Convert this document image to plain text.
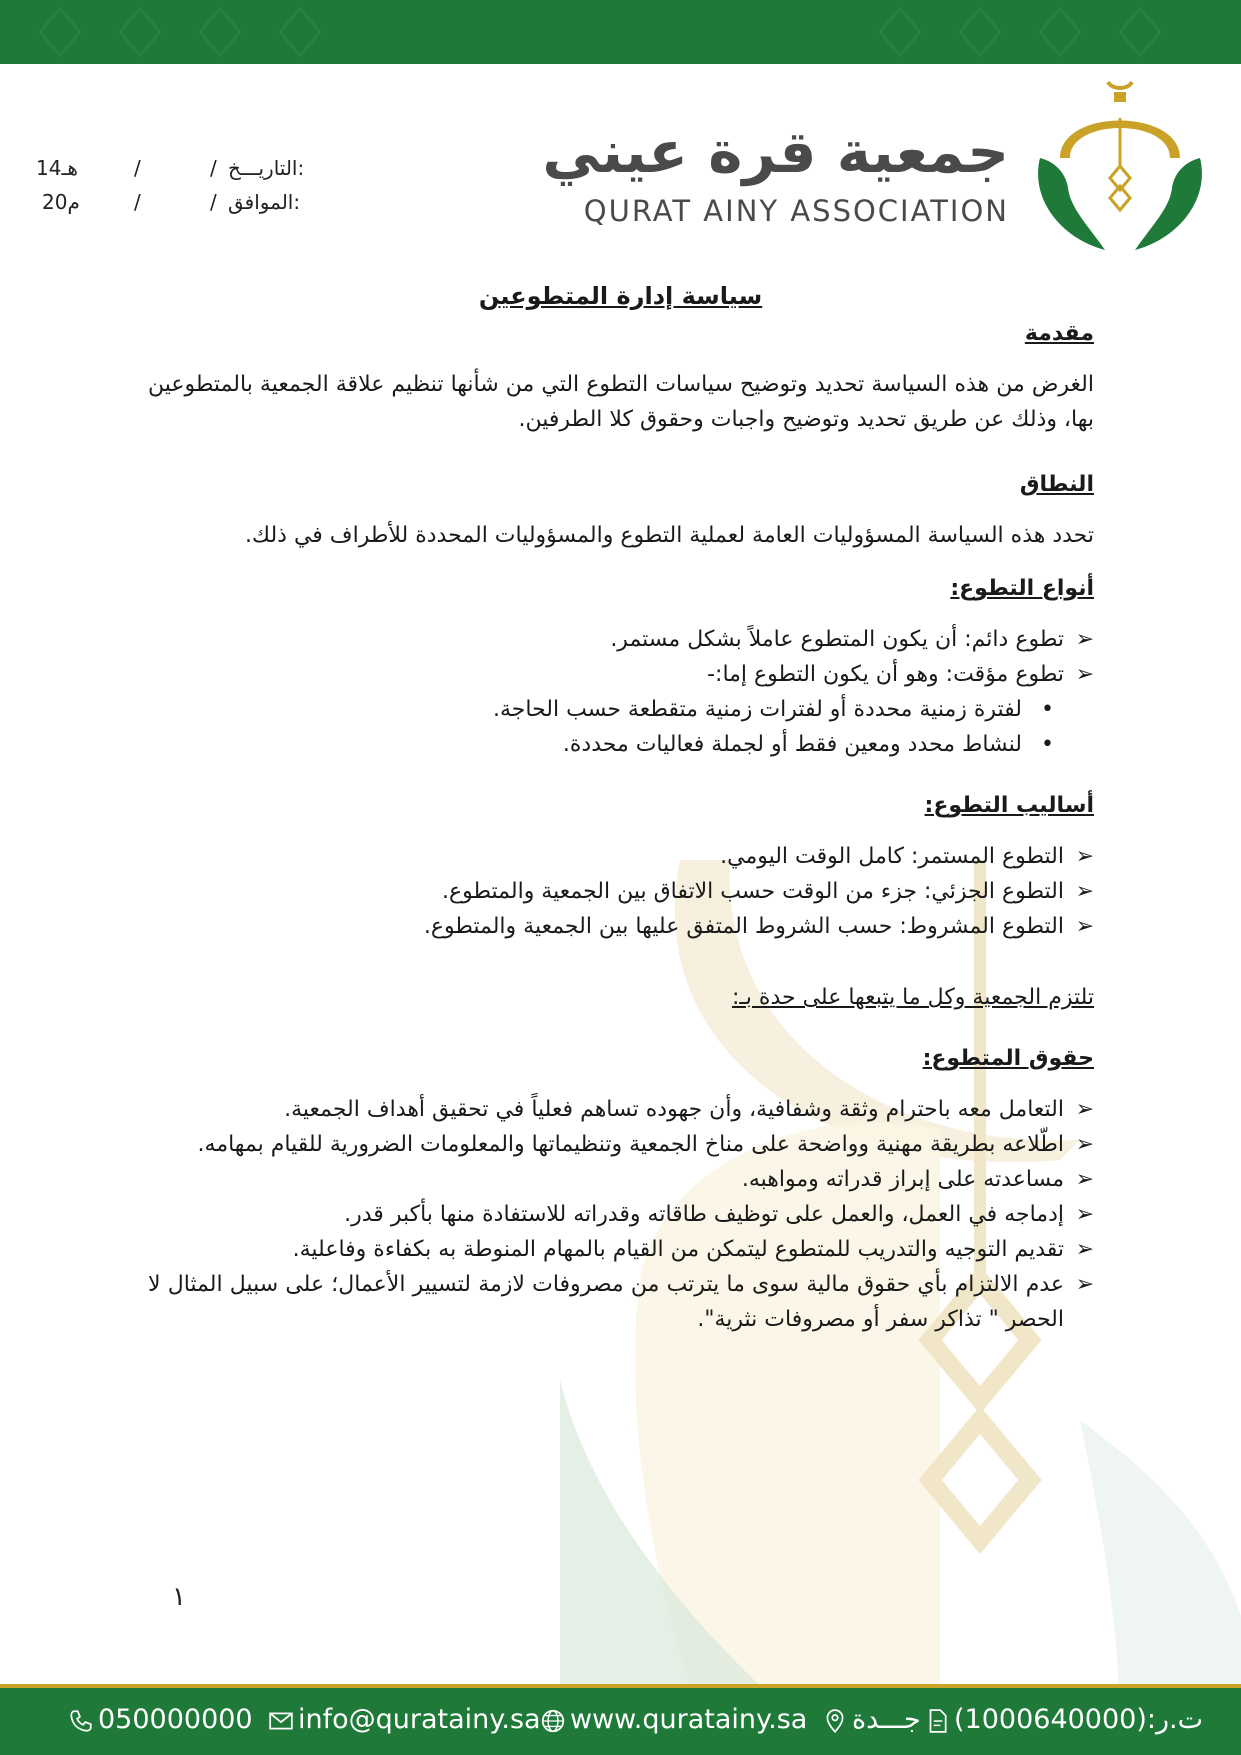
جمعية قرة عيني
QURAT AINY ASSOCIATION
14هـ	/	/ التاريـــخ:
20م	/	/ الموافق:
سياسة إدارة المتطوعين

مقدمة

الغرض من هذه السياسة تحديد وتوضيح سياسات التطوع التي من شأنها تنظيم علاقة الجمعية بالمتطوعين بها، وذلك عن طريق تحديد وتوضيح واجبات وحقوق كلا الطرفين.

النطاق

تحدد هذه السياسة المسؤوليات العامة لعملية التطوع والمسؤوليات المحددة للأطراف في ذلك.

أنواع التطوع:

➢
تطوع دائم: أن يكون المتطوع عاملاً بشكل مستمر.
➢
تطوع مؤقت: وهو أن يكون التطوع إما:-
•
لفترة زمنية محددة أو لفترات زمنية متقطعة حسب الحاجة.
•
لنشاط محدد ومعين فقط أو لجملة فعاليات محددة.

أساليب التطوع:

➢
التطوع المستمر: كامل الوقت اليومي.
➢
التطوع الجزئي: جزء من الوقت حسب الاتفاق بين الجمعية والمتطوع.
➢
التطوع المشروط: حسب الشروط المتفق عليها بين الجمعية والمتطوع.

تلتزم الجمعية وكل ما يتبعها على حدة بـ:

حقوق المتطوع:

➢
التعامل معه باحترام وثقة وشفافية، وأن جهوده تساهم فعلياً في تحقيق أهداف الجمعية.
➢
اطّلاعه بطريقة مهنية وواضحة على مناخ الجمعية وتنظيماتها والمعلومات الضرورية للقيام بمهامه.
➢
مساعدته على إبراز قدراته ومواهبه.
➢
إدماجه في العمل، والعمل على توظيف طاقاته وقدراته للاستفادة منها بأكبر قدر.
➢
تقديم التوجيه والتدريب للمتطوع ليتمكن من القيام بالمهام المنوطة به بكفاءة وفاعلية.
➢
عدم الالتزام بأي حقوق مالية سوى ما يترتب من مصروفات لازمة لتسيير الأعمال؛ على سبيل المثال لا الحصر " تذاكر سفر أو مصروفات نثرية".
١
050000000	info@quratainy.sa	www.quratainy.sa	جـــدة	ت.ر:(1000640000)
